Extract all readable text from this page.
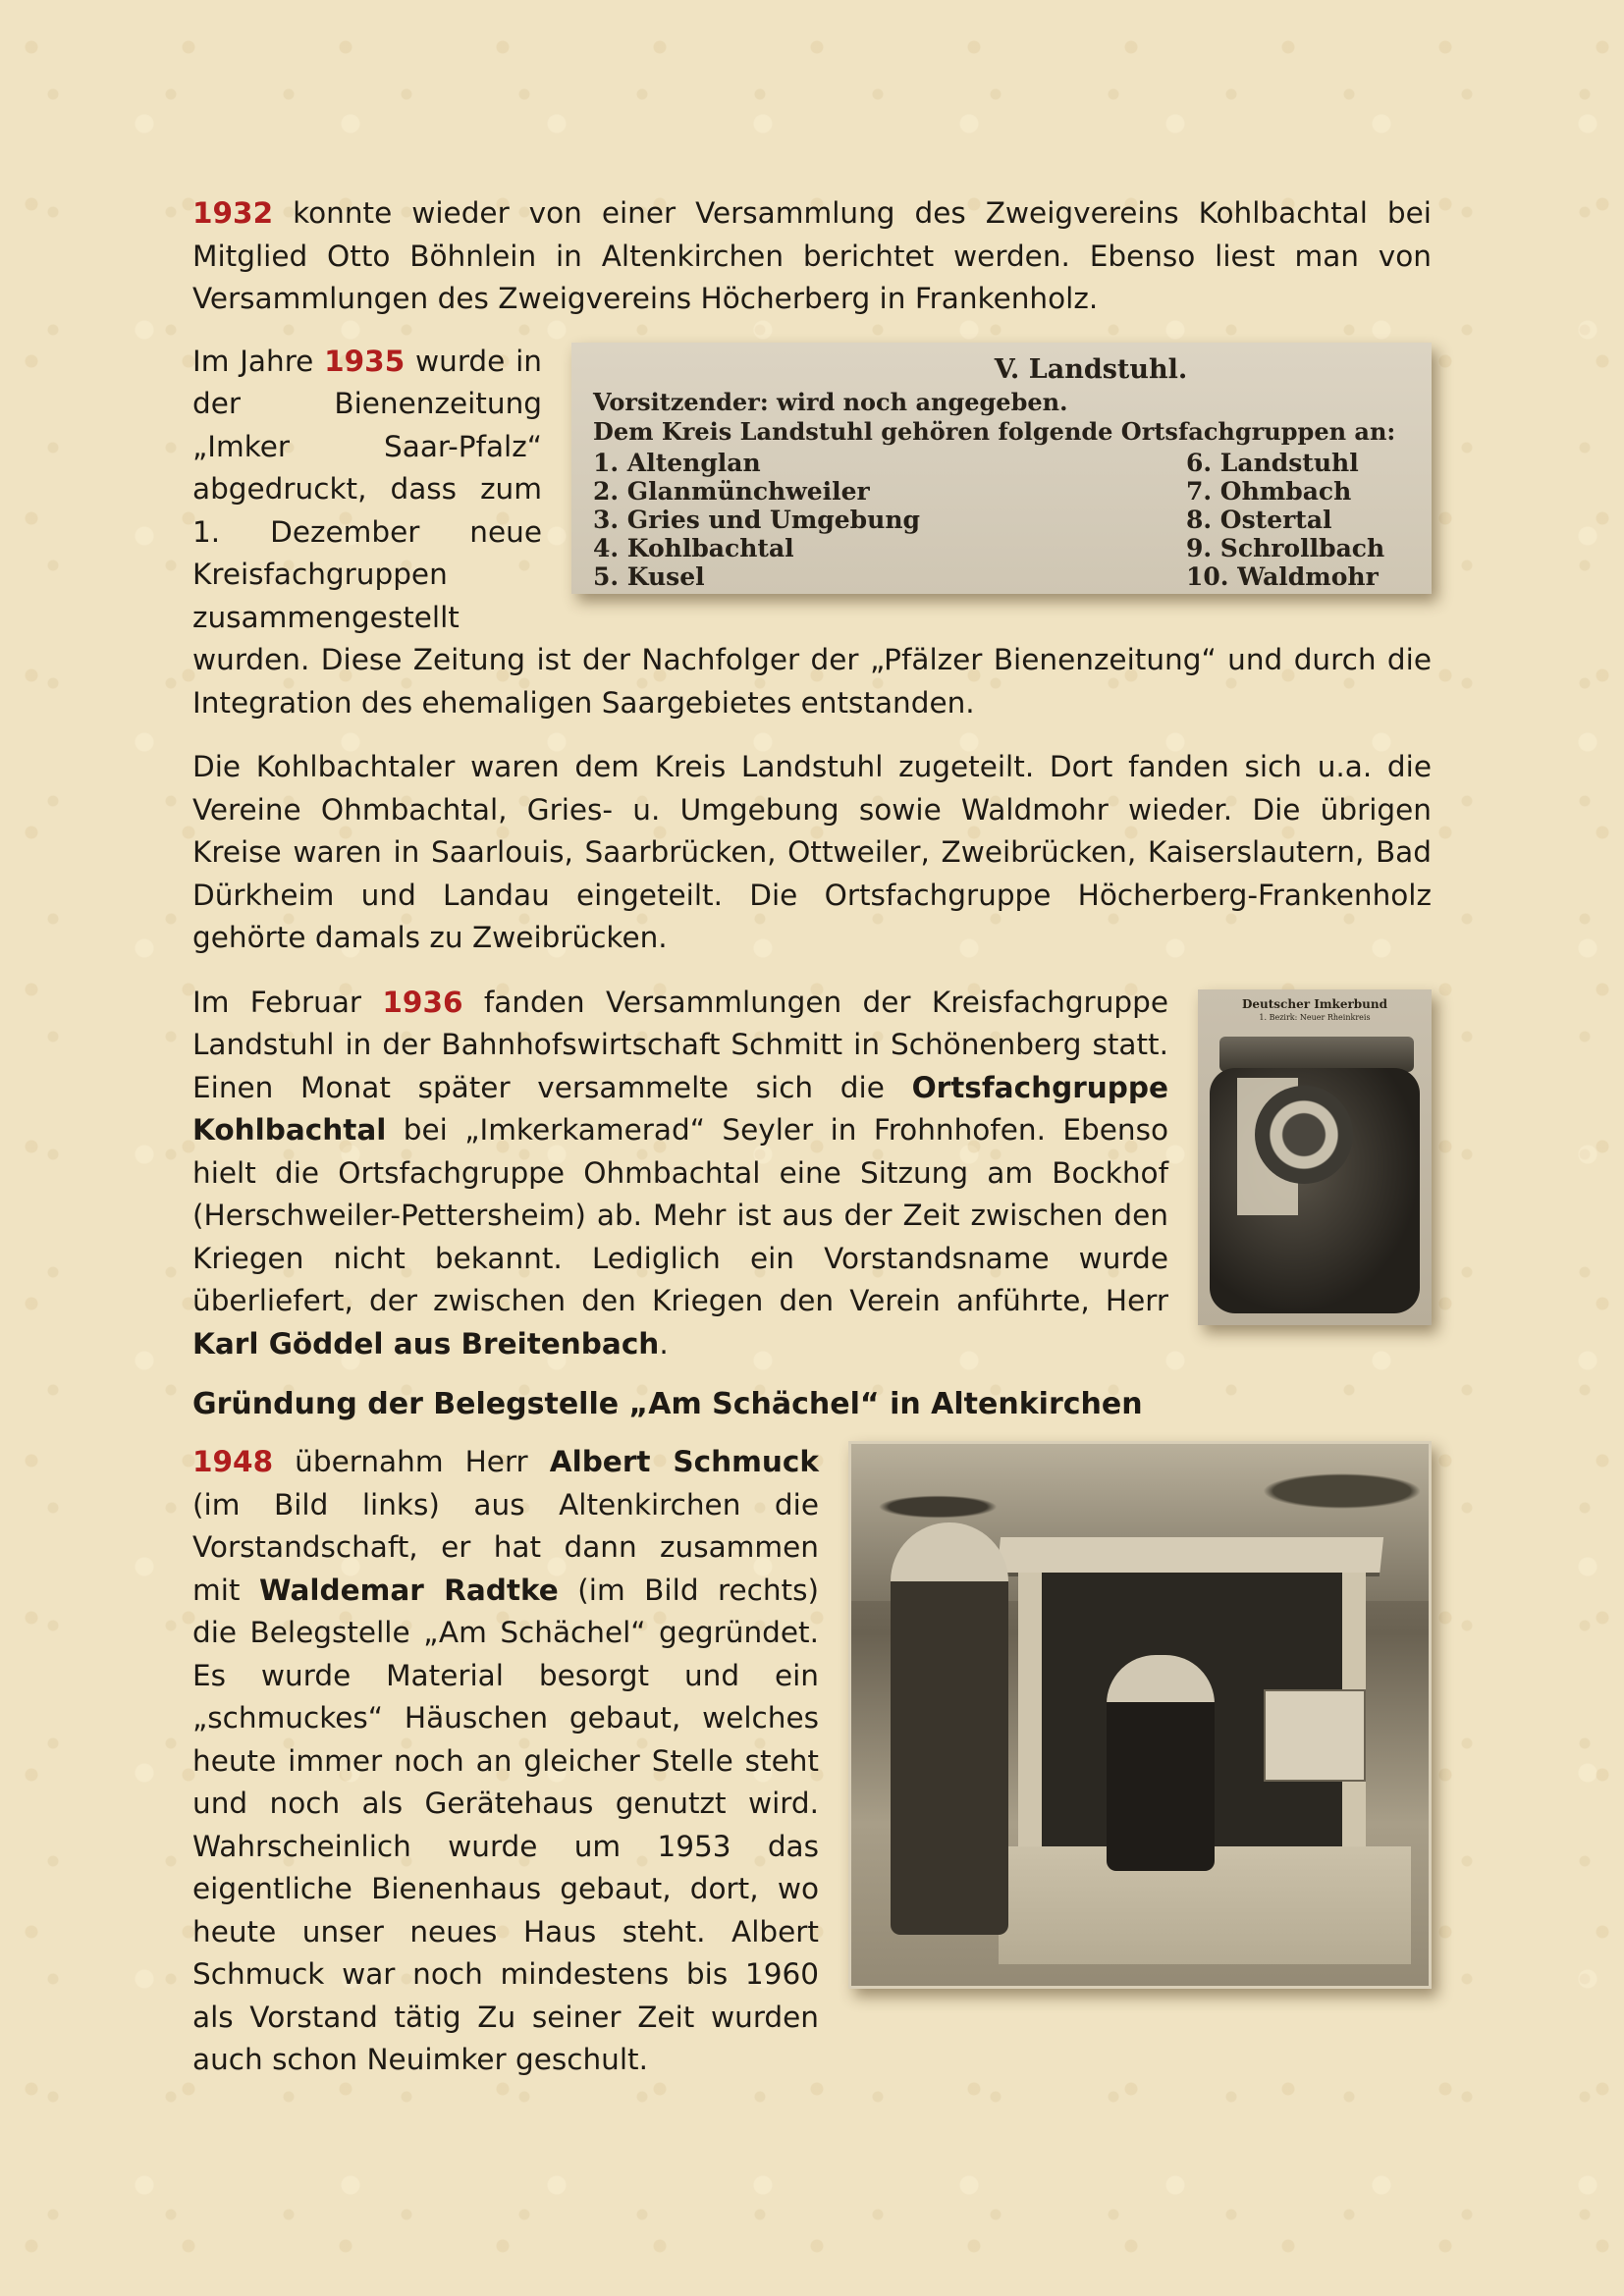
1932 konnte wieder von einer Versammlung des Zweigvereins Kohlbachtal bei Mitglied Otto Böhnlein in Altenkirchen berichtet werden. Ebenso liest man von Versammlungen des Zweigvereins Höcherberg in Frankenholz.

V. Landstuhl.
Vorsitzender: wird noch angegeben.
Dem Kreis Landstuhl gehören folgende Ortsfachgruppen an:
1. Altenglan
2. Glanmünchweiler
3. Gries und Umgebung
4. Kohlbachtal
5. Kusel
6. Landstuhl
7. Ohmbach
8. Ostertal
9. Schrollbach
10. Waldmohr

Im Jahre 1935 wurde in der Bienenzeitung „Imker Saar-Pfalz“ abgedruckt, dass zum 1. Dezember neue Kreisfachgruppen zusammengestellt wurden. Diese Zeitung ist der Nachfolger der „Pfälzer Bienenzeitung“ und durch die Integration des ehemaligen Saargebietes entstanden.

Die Kohlbachtaler waren dem Kreis Landstuhl zugeteilt. Dort fanden sich u.a. die Vereine Ohmbachtal, Gries- u. Umgebung sowie Waldmohr wieder. Die übrigen Kreise waren in Saarlouis, Saarbrücken, Ottweiler, Zweibrücken, Kaiserslautern, Bad Dürkheim und Landau eingeteilt. Die Ortsfachgruppe Höcherberg-Frankenholz gehörte damals zu Zweibrücken.

Deutscher Imkerbund
1. Bezirk: Neuer Rheinkreis

Im Februar 1936 fanden Versammlungen der Kreisfachgruppe Landstuhl in der Bahnhofswirtschaft Schmitt in Schönenberg statt. Einen Monat später versammelte sich die Ortsfachgruppe Kohlbachtal bei „Imkerkamerad“ Seyler in Frohnhofen. Ebenso hielt die Ortsfachgruppe Ohmbachtal eine Sitzung am Bockhof (Herschweiler-Pettersheim) ab. Mehr ist aus der Zeit zwischen den Kriegen nicht bekannt. Lediglich ein Vorstandsname wurde überliefert, der zwischen den Kriegen den Verein anführte, Herr Karl Göddel aus Breitenbach.

Gründung der Belegstelle „Am Schächel“ in Altenkirchen

1948 übernahm Herr Albert Schmuck (im Bild links) aus Altenkirchen die Vorstandschaft, er hat dann zusammen mit Waldemar Radtke (im Bild rechts) die Belegstelle „Am Schächel“ gegründet. Es wurde Material besorgt und ein „schmuckes“ Häuschen gebaut, welches heute immer noch an gleicher Stelle steht und noch als Gerätehaus genutzt wird. Wahrscheinlich wurde um 1953 das eigentliche Bienenhaus gebaut, dort, wo heute unser neues Haus steht. Albert Schmuck war noch mindestens bis 1960 als Vorstand tätig Zu seiner Zeit wurden auch schon Neuimker geschult.
